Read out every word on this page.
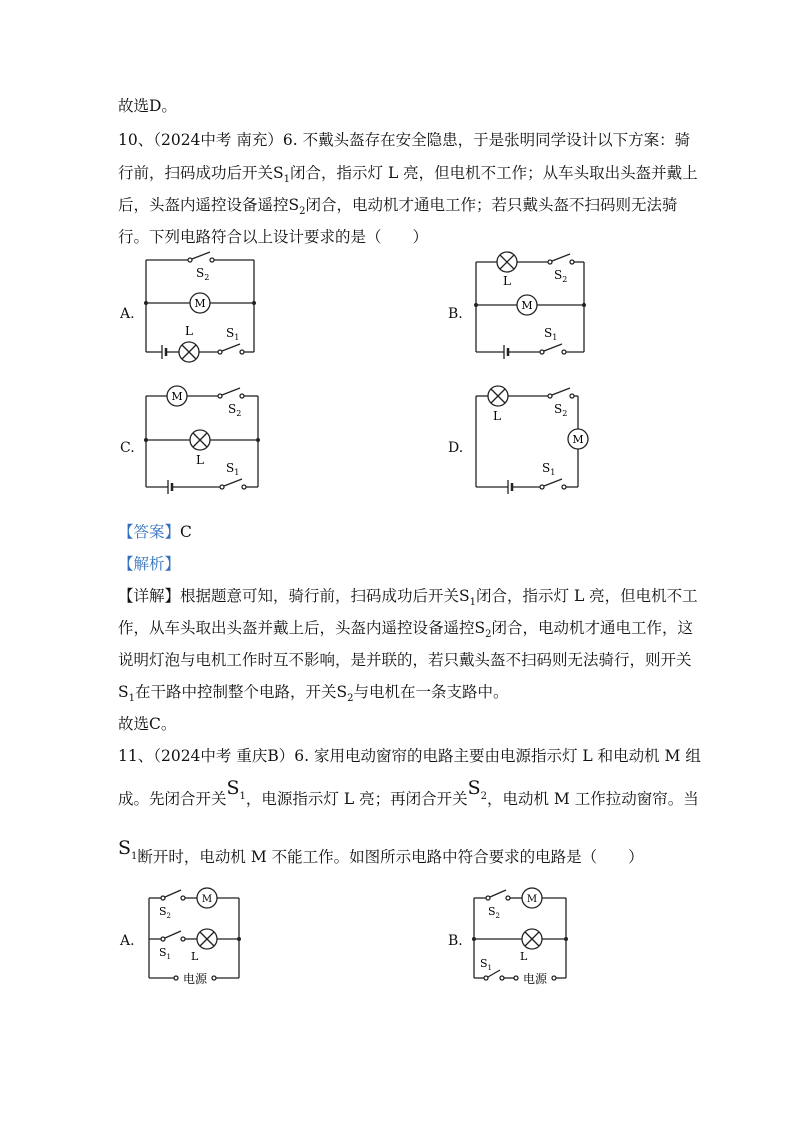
故选D。
10、（2024中考 南充）6. 不戴头盔存在安全隐患，于是张明同学设计以下方案：骑
行前，扫码成功后开关$S_1$闭合，指示灯 L 亮，但电机不工作；从车头取出头盔并戴上
后，头盔内遥控设备遥控$S_2$闭合，电动机才通电工作；若只戴头盔不扫码则无法骑
行。下列电路符合以上设计要求的是（　　）
A.	B.
C.	D.
M
$S_2$
L	$S_1$
M
L	$S_2$
$S_1$
M
L
$S_2$
$S_1$
M
L	$S_2$
$S_1$
【答案】C
【解析】
【详解】根据题意可知，骑行前，扫码成功后开关$S_1$闭合，指示灯 L 亮，但电机不工
作，从车头取出头盔并戴上后，头盔内遥控设备遥控$S_2$闭合，电动机才通电工作，这
说明灯泡与电机工作时互不影响，是并联的，若只戴头盔不扫码则无法骑行，则开关
$S_1$在干路中控制整个电路，开关$S_2$与电机在一条支路中。
故选C。
11、（2024中考 重庆B）6. 家用电动窗帘的电路主要由电源指示灯 L 和电动机 M 组
成。先闭合开关$S_1$，电源指示灯 L 亮；再闭合开关$S_2$，电动机 M 工作拉动窗帘。当
$S_1$断开时，电动机 M 不能工作。如图所示电路中符合要求的电路是（　　）
A.	B.
M
$S_2$
$S_1$ L
电源
M
$S_2$
L
$S_1$
电源
